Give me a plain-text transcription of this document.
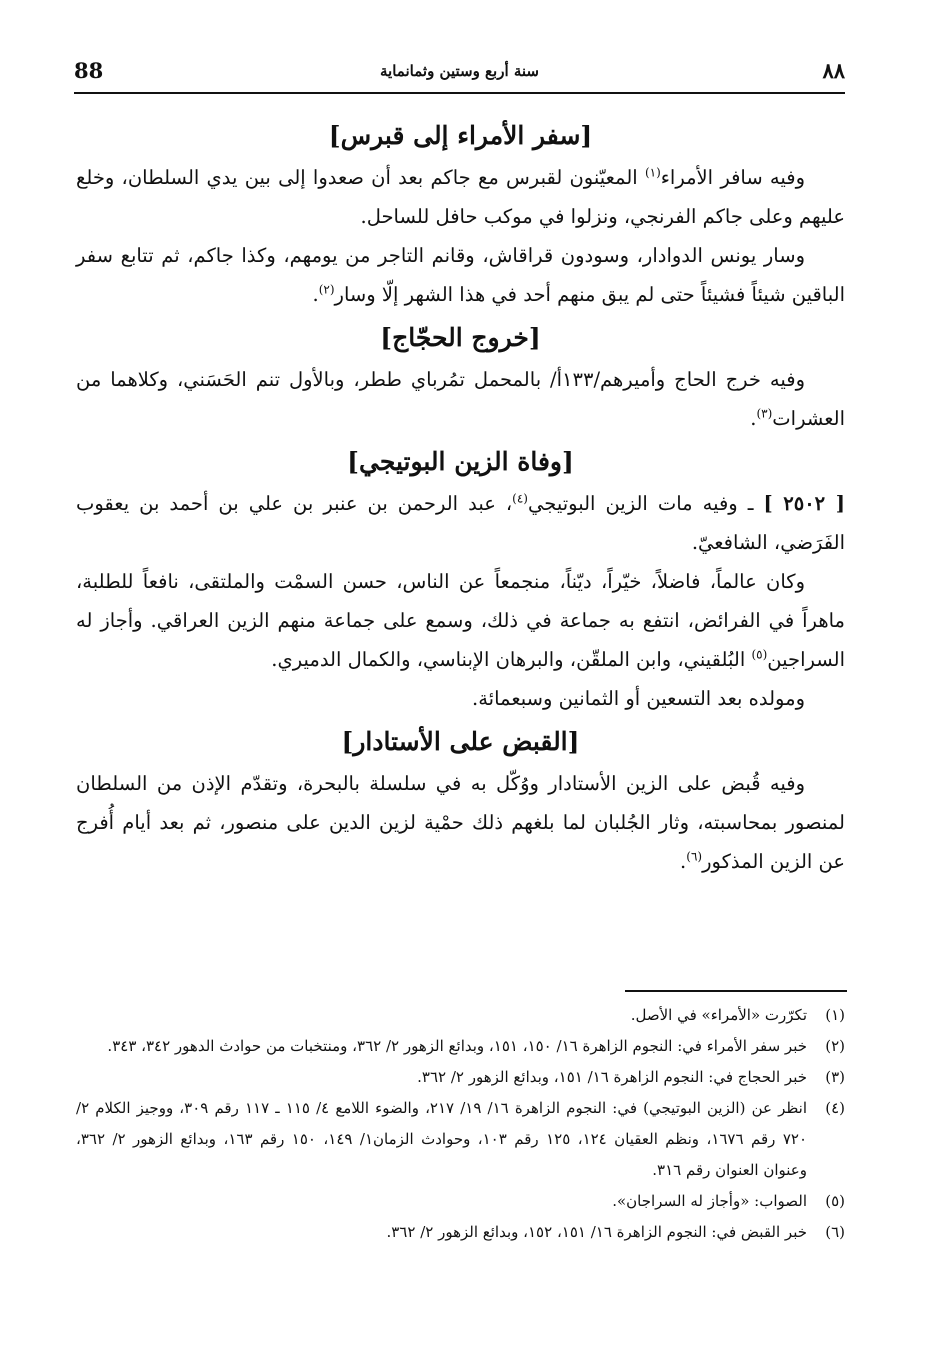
88	سنة أربع وستين وثمانماية	٨٨
[سفر الأمراء إلى قبرس]

وفيه سافر الأمراء$^{(١)}$ المعيّنون لقبرس مع جاكم بعد أن صعدوا إلى بين يدي السلطان، وخلع عليهم وعلى جاكم الفرنجي، ونزلوا في موكب حافل للساحل.

وسار يونس الدوادار، وسودون قراقاش، وقانم التاجر من يومهم، وكذا جاكم، ثم تتابع سفر الباقين شيئاً فشيئاً حتى لم يبق منهم أحد في هذا الشهر إلّا وسار$^{(٢)}$.

[خروج الحجّاج]

وفيه خرج الحاج وأميرهم/١٣٣أ/ بالمحمل تمُرباي ططر، وبالأول تنم الحَسَني، وكلاهما من العشرات$^{(٣)}$.

[وفاة الزين البوتيجي]

[ ٢٥٠٢ ] ـ وفيه مات الزين البوتيجي$^{(٤)}$، عبد الرحمن بن عنبر بن علي بن أحمد بن يعقوب الفَرَضي، الشافعيّ.

وكان عالماً، فاضلاً، خيّراً، ديّناً، منجمعاً عن الناس، حسن السمْت والملتقى، نافعاً للطلبة، ماهراً في الفرائض، انتفع به جماعة في ذلك، وسمع على جماعة منهم الزين العراقي. وأجاز له السراجين$^{(٥)}$ البُلقيني، وابن الملقّن، والبرهان الإبناسي، والكمال الدميري.

ومولده بعد التسعين أو الثمانين وسبعمائة.

[القبض على الأستادار]

وفيه قُبض على الزين الأستادار ووُكّل به في سلسلة بالبحرة، وتقدّم الإذن من السلطان لمنصور بمحاسبته، وثار الجُلبان لما بلغهم ذلك حمْية لزين الدين على منصور، ثم بعد أيام أُفرج عن الزين المذكور$^{(٦)}$.

(١)
تكرّرت «الأمراء» في الأصل.
(٢)
خبر سفر الأمراء في: النجوم الزاهرة ١٦/ ١٥٠، ١٥١، وبدائع الزهور ٢/ ٣٦٢، ومنتخبات من حوادث الدهور ٣٤٢، ٣٤٣.
(٣)
خبر الحجاج في: النجوم الزاهرة ١٦/ ١٥١، وبدائع الزهور ٢/ ٣٦٢.
(٤)
انظر عن (الزين البوتيجي) في: النجوم الزاهرة ١٦/ ١٩/ ٢١٧، والضوء اللامع ٤/ ١١٥ ـ ١١٧ رقم ٣٠٩، ووجيز الكلام ٢/ ٧٢٠ رقم ١٦٧٦، ونظم العقيان ١٢٤، ١٢٥ رقم ١٠٣، وحوادث الزمان١/ ١٤٩، ١٥٠ رقم ١٦٣، وبدائع الزهور ٢/ ٣٦٢، وعنوان العنوان رقم ٣١٦.
(٥)
الصواب: «وأجاز له السراجان».
(٦)
خبر القبض في: النجوم الزاهرة ١٦/ ١٥١، ١٥٢، وبدائع الزهور ٢/ ٣٦٢.
